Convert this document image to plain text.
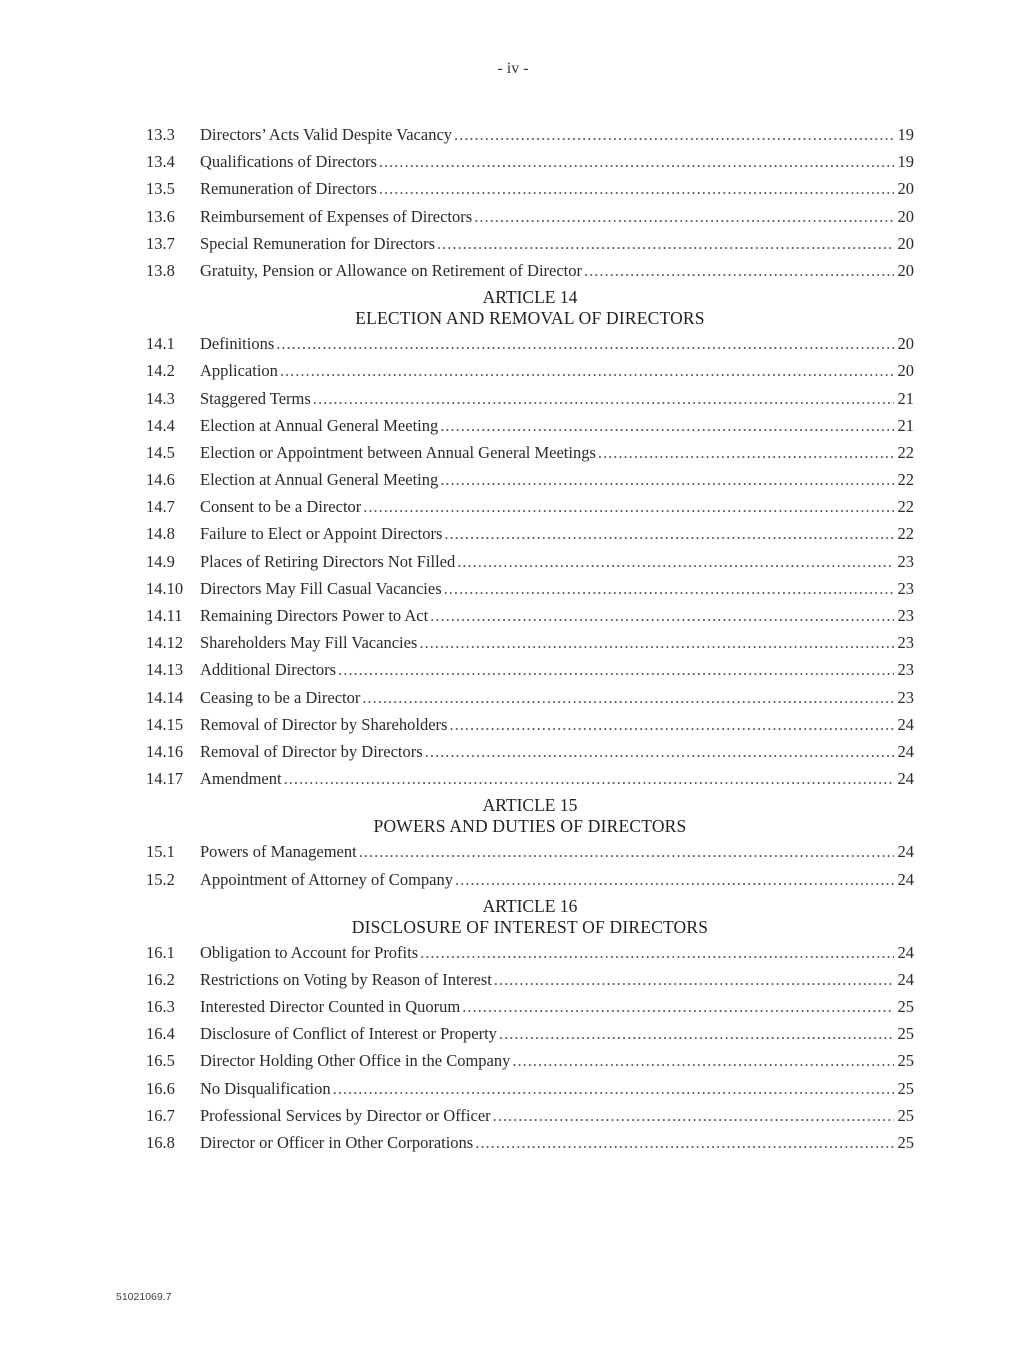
- iv -
13.3	Directors’ Acts Valid Despite Vacancy .....	19
13.4	Qualifications of Directors .....	19
13.5	Remuneration of Directors .....	20
13.6	Reimbursement of Expenses of Directors .....	20
13.7	Special Remuneration for Directors .....	20
13.8	Gratuity, Pension or Allowance on Retirement of Director .....	20
ARTICLE 14
ELECTION AND REMOVAL OF DIRECTORS
14.1	Definitions .....	20
14.2	Application .....	20
14.3	Staggered Terms .....	21
14.4	Election at Annual General Meeting .....	21
14.5	Election or Appointment between Annual General Meetings .....	22
14.6	Election at Annual General Meeting .....	22
14.7	Consent to be a Director .....	22
14.8	Failure to Elect or Appoint Directors .....	22
14.9	Places of Retiring Directors Not Filled .....	23
14.10	Directors May Fill Casual Vacancies .....	23
14.11	Remaining Directors Power to Act .....	23
14.12	Shareholders May Fill Vacancies .....	23
14.13	Additional Directors .....	23
14.14	Ceasing to be a Director .....	23
14.15	Removal of Director by Shareholders .....	24
14.16	Removal of Director by Directors .....	24
14.17	Amendment .....	24
ARTICLE 15
POWERS AND DUTIES OF DIRECTORS
15.1	Powers of Management .....	24
15.2	Appointment of Attorney of Company .....	24
ARTICLE 16
DISCLOSURE OF INTEREST OF DIRECTORS
16.1	Obligation to Account for Profits .....	24
16.2	Restrictions on Voting by Reason of Interest .....	24
16.3	Interested Director Counted in Quorum .....	25
16.4	Disclosure of Conflict of Interest or Property .....	25
16.5	Director Holding Other Office in the Company .....	25
16.6	No Disqualification .....	25
16.7	Professional Services by Director or Officer .....	25
16.8	Director or Officer in Other Corporations .....	25
51021069.7
